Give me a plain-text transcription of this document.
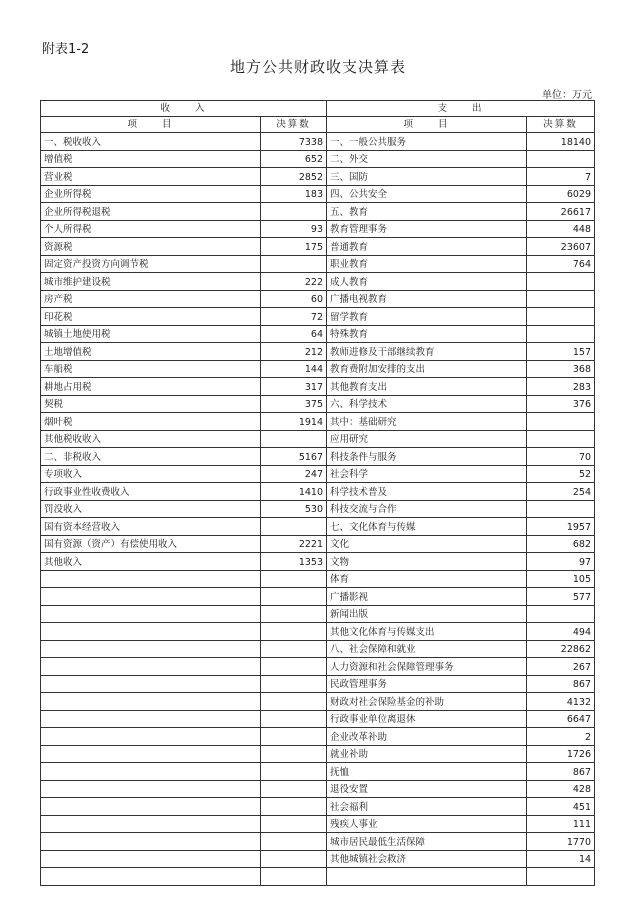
附表1-2
地方公共财政收支决算表
单位：万元
收　　入		支　　出	
项　　目	决算数	项　　目	决算数
一、税收收入	7338	一、一般公共服务	18140
增值税	652	二、外交	
营业税	2852	三、国防	7
企业所得税	183	四、公共安全	6029
企业所得税退税		五、教育	26617
个人所得税	93	教育管理事务	448
资源税	175	普通教育	23607
固定资产投资方向调节税		职业教育	764
城市维护建设税	222	成人教育	
房产税	60	广播电视教育	
印花税	72	留学教育	
城镇土地使用税	64	特殊教育	
土地增值税	212	教师进修及干部继续教育	157
车船税	144	教育费附加安排的支出	368
耕地占用税	317	其他教育支出	283
契税	375	六、科学技术	376
烟叶税	1914	其中：基础研究	
其他税收收入		应用研究	
二、非税收入	5167	科技条件与服务	70
专项收入	247	社会科学	52
行政事业性收费收入	1410	科学技术普及	254
罚没收入	530	科技交流与合作	
国有资本经营收入		七、文化体育与传媒	1957
国有资源（资产）有偿使用收入	2221	文化	682
其他收入	1353	文物	97
		体育	105
		广播影视	577
		新闻出版	
		其他文化体育与传媒支出	494
		八、社会保障和就业	22862
		人力资源和社会保障管理事务	267
		民政管理事务	867
		财政对社会保险基金的补助	4132
		行政事业单位离退休	6647
		企业改革补助	2
		就业补助	1726
		抚恤	867
		退役安置	428
		社会福利	451
		残疾人事业	111
		城市居民最低生活保障	1770
		其他城镇社会救济	14
